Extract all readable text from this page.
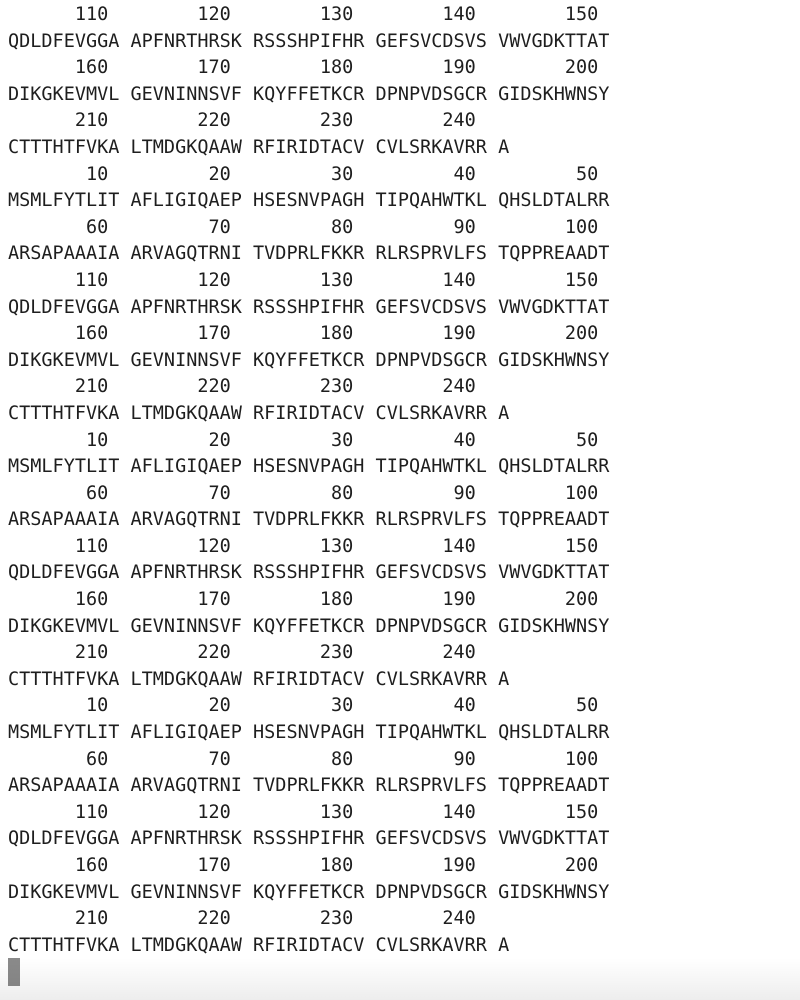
110        120        130        140        150
QDLDFEVGGA APFNRTHRSK RSSSHPIFHR GEFSVCDSVS VWVGDKTTAT
160        170        180        190        200
DIKGKEVMVL GEVNINNSVF KQYFFETKCR DPNPVDSGCR GIDSKHWNSY
210        220        230        240
CTTTHTFVKA LTMDGKQAAW RFIRIDTACV CVLSRKAVRR A
10         20         30         40         50
MSMLFYTLIT AFLIGIQAEP HSESNVPAGH TIPQAHWTKL QHSLDTALRR
60         70         80         90        100
ARSAPAAAIA ARVAGQTRNI TVDPRLFKKR RLRSPRVLFS TQPPREAADT
110        120        130        140        150
QDLDFEVGGA APFNRTHRSK RSSSHPIFHR GEFSVCDSVS VWVGDKTTAT
160        170        180        190        200
DIKGKEVMVL GEVNINNSVF KQYFFETKCR DPNPVDSGCR GIDSKHWNSY
210        220        230        240
CTTTHTFVKA LTMDGKQAAW RFIRIDTACV CVLSRKAVRR A
10         20         30         40         50
MSMLFYTLIT AFLIGIQAEP HSESNVPAGH TIPQAHWTKL QHSLDTALRR
60         70         80         90        100
ARSAPAAAIA ARVAGQTRNI TVDPRLFKKR RLRSPRVLFS TQPPREAADT
110        120        130        140        150
QDLDFEVGGA APFNRTHRSK RSSSHPIFHR GEFSVCDSVS VWVGDKTTAT
160        170        180        190        200
DIKGKEVMVL GEVNINNSVF KQYFFETKCR DPNPVDSGCR GIDSKHWNSY
210        220        230        240
CTTTHTFVKA LTMDGKQAAW RFIRIDTACV CVLSRKAVRR A
10         20         30         40         50
MSMLFYTLIT AFLIGIQAEP HSESNVPAGH TIPQAHWTKL QHSLDTALRR
60         70         80         90        100
ARSAPAAAIA ARVAGQTRNI TVDPRLFKKR RLRSPRVLFS TQPPREAADT
110        120        130        140        150
QDLDFEVGGA APFNRTHRSK RSSSHPIFHR GEFSVCDSVS VWVGDKTTAT
160        170        180        190        200
DIKGKEVMVL GEVNINNSVF KQYFFETKCR DPNPVDSGCR GIDSKHWNSY
210        220        230        240
CTTTHTFVKA LTMDGKQAAW RFIRIDTACV CVLSRKAVRR A
